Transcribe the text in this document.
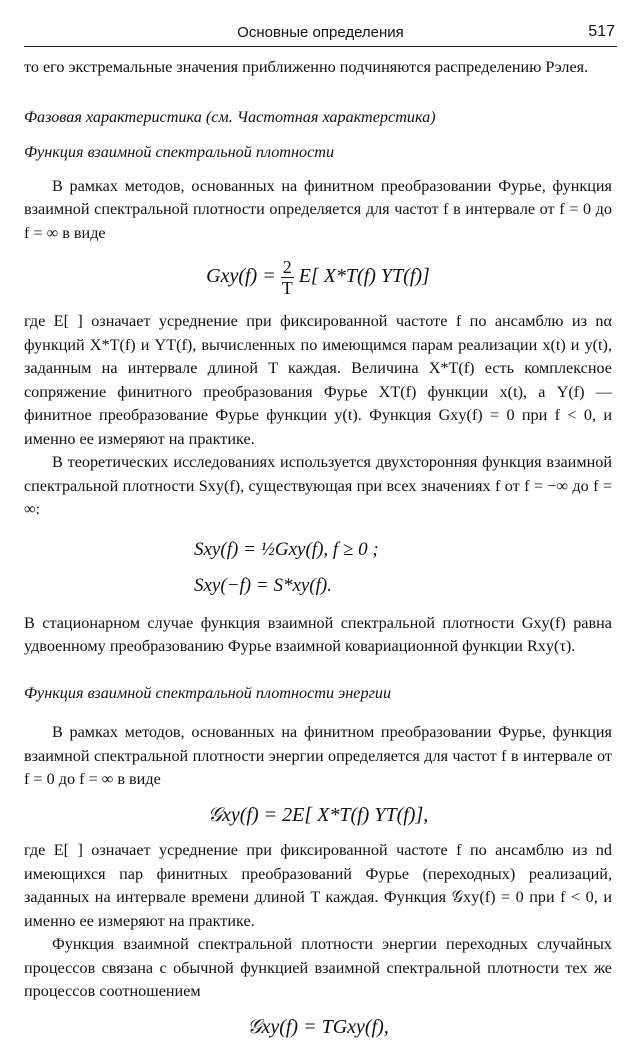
Основные определения	517

то его экстремальные значения приближенно подчиняются распределению Рэлея.

Фазовая характеристика (см. Частотная характерстика)

Функция взаимной спектральной плотности

В рамках методов, основанных на финитном преобразовании Фурье, функция взаимной спектральной плотности определяется для частот f в интервале от f = 0 до f = ∞ в виде

$Gxy(f) = \frac{2}{T} E$[ X*T(f) YT(f)]

где E[ ] означает усреднение при фиксированной частоте f по ансамблю из nα функций X*T(f) и YT(f), вычисленных по имеющимся парам реализации x(t) и y(t), заданным на интервале длиной T каждая. Величина X*T(f) есть комплексное сопряжение финитного преобразования Фурье XT(f) функции x(t), а Y(f) — финитное преобразование Фурье функции y(t). Функция Gxy(f) = 0 при f < 0, и именно ее измеряют на практике.

В теоретических исследованиях используется двухсторонняя функция взаимной спектральной плотности Sxy(f), существующая при всех значениях f от f = −∞ до f = ∞:

Sxy(f) = ½Gxy(f), f ≥ 0 ;
Sxy(−f) = S*xy(f).

В стационарном случае функция взаимной спектральной плотности Gxy(f) равна удвоенному преобразованию Фурье взаимной ковариационной функции Rxy(τ).

Функция взаимной спектральной плотности энергии

В рамках методов, основанных на финитном преобразовании Фурье, функция взаимной спектральной плотности энергии определяется для частот f в интервале от f = 0 до f = ∞ в виде

𝒢xy(f) = 2E[ X*T(f) YT(f)],

где E[ ] означает усреднение при фиксированной частоте f по ансамблю из nd имеющихся пар финитных преобразований Фурье (переходных) реализаций, заданных на интервале времени длиной T каждая. Функция 𝒢xy(f) = 0 при f < 0, и именно ее измеряют на практике.

Функция взаимной спектральной плотности энергии переходных случайных процессов связана с обычной функцией взаимной спектральной плотности тех же процессов соотношением

𝒢xy(f) = TGxy(f),
